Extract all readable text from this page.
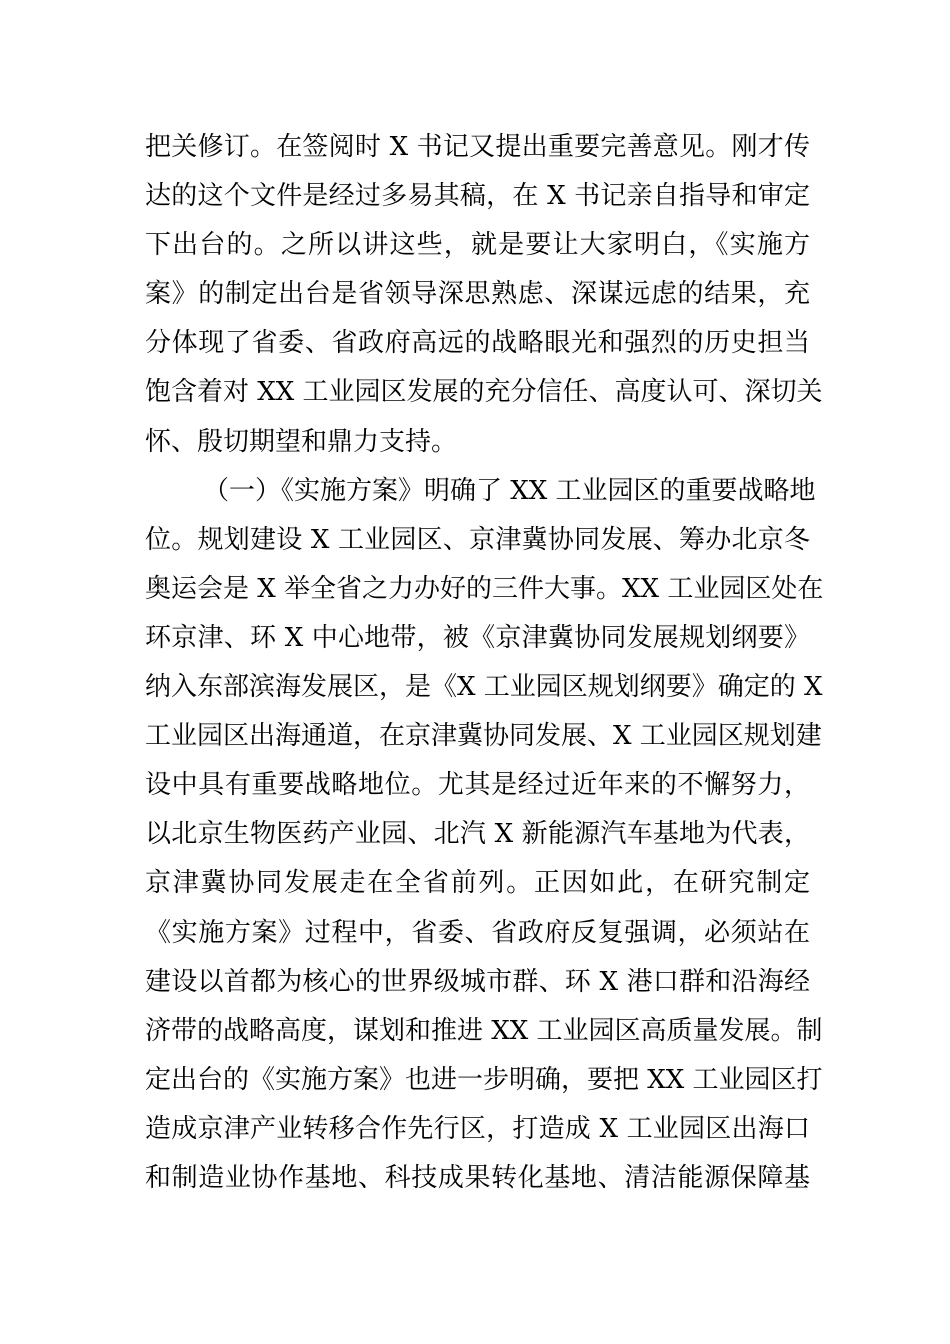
把关修订。在签阅时 X 书记又提出重要完善意见。刚才传
达的这个文件是经过多易其稿，在 X 书记亲自指导和审定
下出台的。之所以讲这些，就是要让大家明白，《实施方
案》的制定出台是省领导深思熟虑、深谋远虑的结果，充
分体现了省委、省政府高远的战略眼光和强烈的历史担当
饱含着对 XX 工业园区发展的充分信任、高度认可、深切关
怀、殷切期望和鼎力支持。
（一）《实施方案》明确了 XX 工业园区的重要战略地
位。规划建设 X 工业园区、京津冀协同发展、筹办北京冬
奥运会是 X 举全省之力办好的三件大事。XX 工业园区处在
环京津、环 X 中心地带，被《京津冀协同发展规划纲要》
纳入东部滨海发展区，是《X 工业园区规划纲要》确定的 X
工业园区出海通道，在京津冀协同发展、X 工业园区规划建
设中具有重要战略地位。尤其是经过近年来的不懈努力，
以北京生物医药产业园、北汽 X 新能源汽车基地为代表，
京津冀协同发展走在全省前列。正因如此，在研究制定
《实施方案》过程中，省委、省政府反复强调，必须站在
建设以首都为核心的世界级城市群、环 X 港口群和沿海经
济带的战略高度，谋划和推进 XX 工业园区高质量发展。制
定出台的《实施方案》也进一步明确，要把 XX 工业园区打
造成京津产业转移合作先行区，打造成 X 工业园区出海口
和制造业协作基地、科技成果转化基地、清洁能源保障基
